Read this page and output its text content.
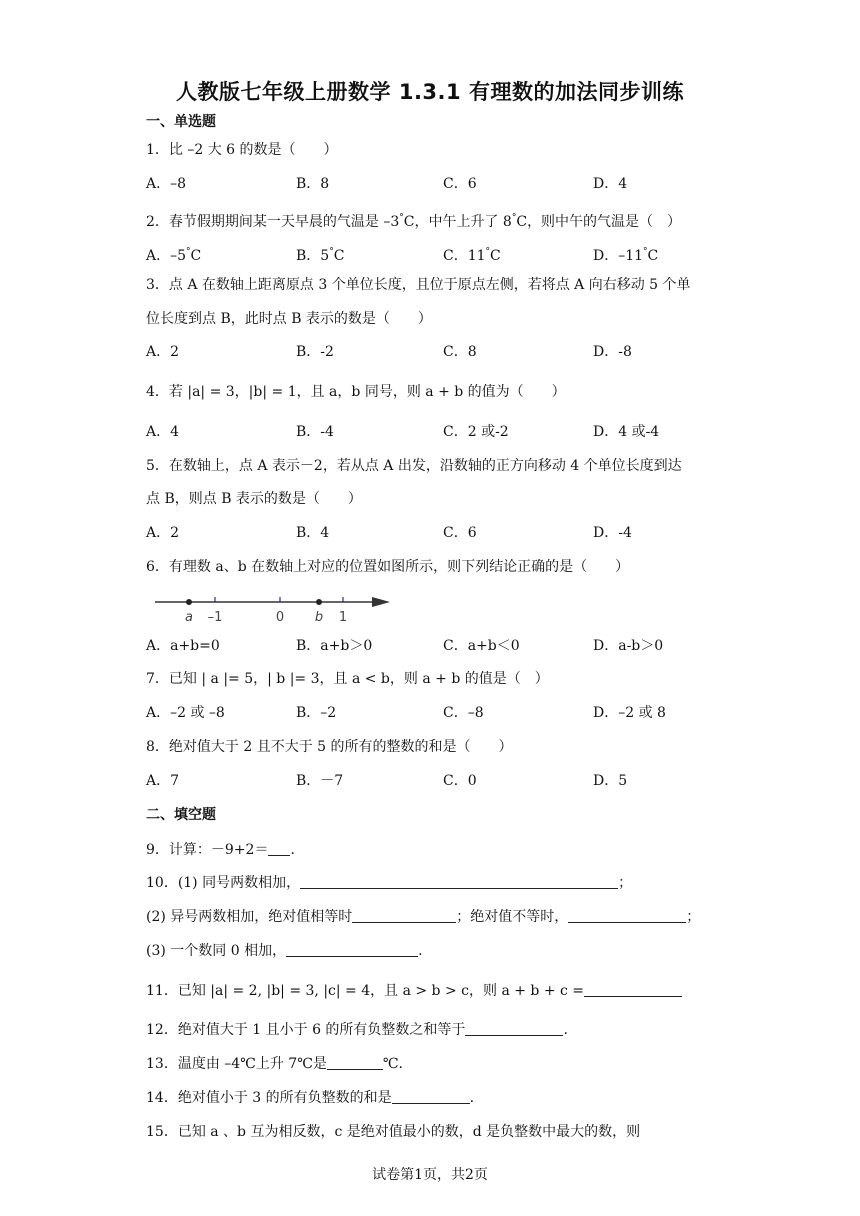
人教版七年级上册数学 1.3.1 有理数的加法同步训练
一、单选题
1．比 –2 大 6 的数是（　　）
A．–8	B．8	C．6	D．4
2．春节假期期间某一天早晨的气温是 –3°C，中午上升了 8°C，则中午的气温是（　）
A．–5°C	B．5°C	C．11°C	D．–11°C
3．点 A 在数轴上距离原点 3 个单位长度，且位于原点左侧，若将点 A 向右移动 5 个单
位长度到点 B，此时点 B 表示的数是（　　）
A．2	B．-2	C．8	D．-8
4．若 |a| = 3，|b| = 1，且 a，b 同号，则 a + b 的值为（　　）
A．4	B．-4	C．2 或-2	D．4 或-4
5．在数轴上，点 A 表示－2，若从点 A 出发，沿数轴的正方向移动 4 个单位长度到达
点 B，则点 B 表示的数是（　　）
A．2	B．4	C．6	D．-4
6．有理数 a、b 在数轴上对应的位置如图所示，则下列结论正确的是（　　）
a –1	0 b 1
A．a+b=0	B．a+b＞0	C．a+b＜0	D．a-b＞0
7．已知 | a |= 5，| b |= 3，且 a < b，则 a + b 的值是（　）
A．–2 或 –8	B．–2	C．–8	D．–2 或 8
8．绝对值大于 2 且不大于 5 的所有的整数的和是（　　）
A．7	B．－7	C．0	D．5
二、填空题
9．计算：－9+2＝ .
10．(1) 同号两数相加，	；
(2) 异号两数相加，绝对值相等时	；绝对值不等时，	；
(3) 一个数同 0 相加，	.
11．已知 |a| = 2, |b| = 3, |c| = 4，且 a > b > c，则 a + b + c =
12．绝对值大于 1 且小于 6 的所有负整数之和等于	.
13．温度由 –4℃上升 7℃是	℃.
14．绝对值小于 3 的所有负整数的和是	.
15．已知 a 、b 互为相反数，c 是绝对值最小的数，d 是负整数中最大的数，则
试卷第1页，共2页
